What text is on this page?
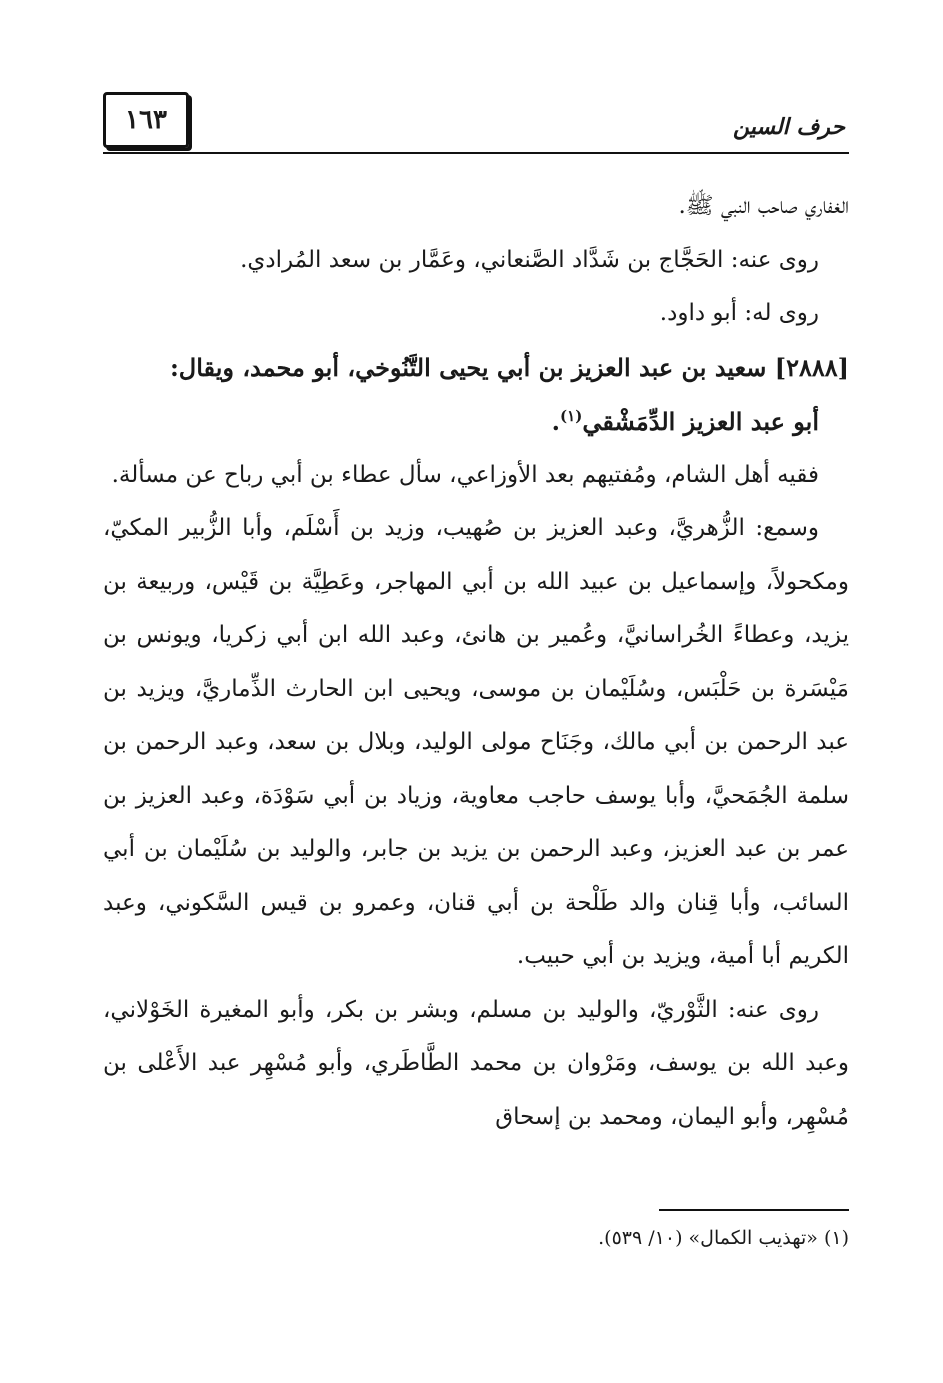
١٦٣	حرف السين

الغفاري صاحب النبي ﷺ.

روى عنه: الحَجَّاج بن شَدَّاد الصَّنعاني، وعَمَّار بن سعد المُرادي.

روى له: أبو داود.

[٢٨٨٨] سعيد بن عبد العزيز بن أبي يحيى التَّنُوخي، أبو محمد، ويقال:
أبو عبد العزيز الدِّمَشْقي$^{(١)}$.

فقيه أهل الشام، ومُفتيهم بعد الأوزاعي، سأل عطاء بن أبي رباح عن مسألة.

وسمع: الزُّهريَّ، وعبد العزيز بن صُهيب، وزيد بن أَسْلَم، وأبا الزُّبير المكيّ، ومكحولاً، وإسماعيل بن عبيد الله بن أبي المهاجر، وعَطِيَّة بن قَيْس، وربيعة بن يزيد، وعطاءً الخُراسانيَّ، وعُمير بن هانئ، وعبد الله ابن أبي زكريا، ويونس بن مَيْسَرة بن حَلْبَس، وسُلَيْمان بن موسى، ويحيى ابن الحارث الذِّماريَّ، ويزيد بن عبد الرحمن بن أبي مالك، وجَنَاح مولى الوليد، وبلال بن سعد، وعبد الرحمن بن سلمة الجُمَحيَّ، وأبا يوسف حاجب معاوية، وزياد بن أبي سَوْدَة، وعبد العزيز بن عمر بن عبد العزيز، وعبد الرحمن بن يزيد بن جابر، والوليد بن سُلَيْمان بن أبي السائب، وأبا قِنان والد طَلْحة بن أبي قنان، وعمرو بن قيس السَّكوني، وعبد الكريم أبا أمية، ويزيد بن أبي حبيب.

روى عنه: الثَّوْريّ، والوليد بن مسلم، وبشر بن بكر، وأبو المغيرة الخَوْلاني، وعبد الله بن يوسف، ومَرْوان بن محمد الطَّاطَري، وأبو مُسْهِر عبد الأَعْلى بن مُسْهِر، وأبو اليمان، ومحمد بن إسحاق

(١) «تهذيب الكمال» (١٠/ ٥٣٩).
